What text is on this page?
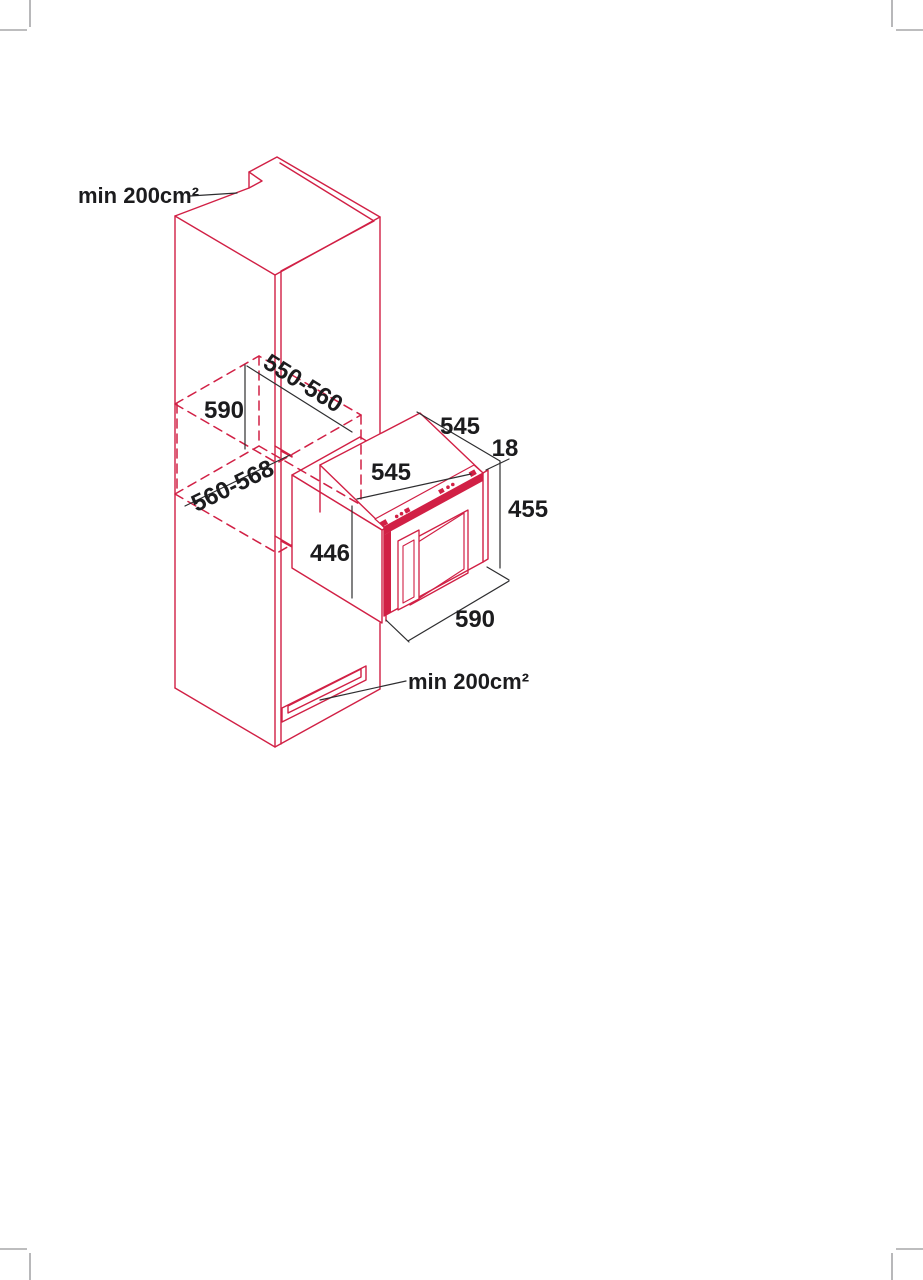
min 200cm²
590 550-560
560-568
545
18
545
455
446
590
min 200cm²
